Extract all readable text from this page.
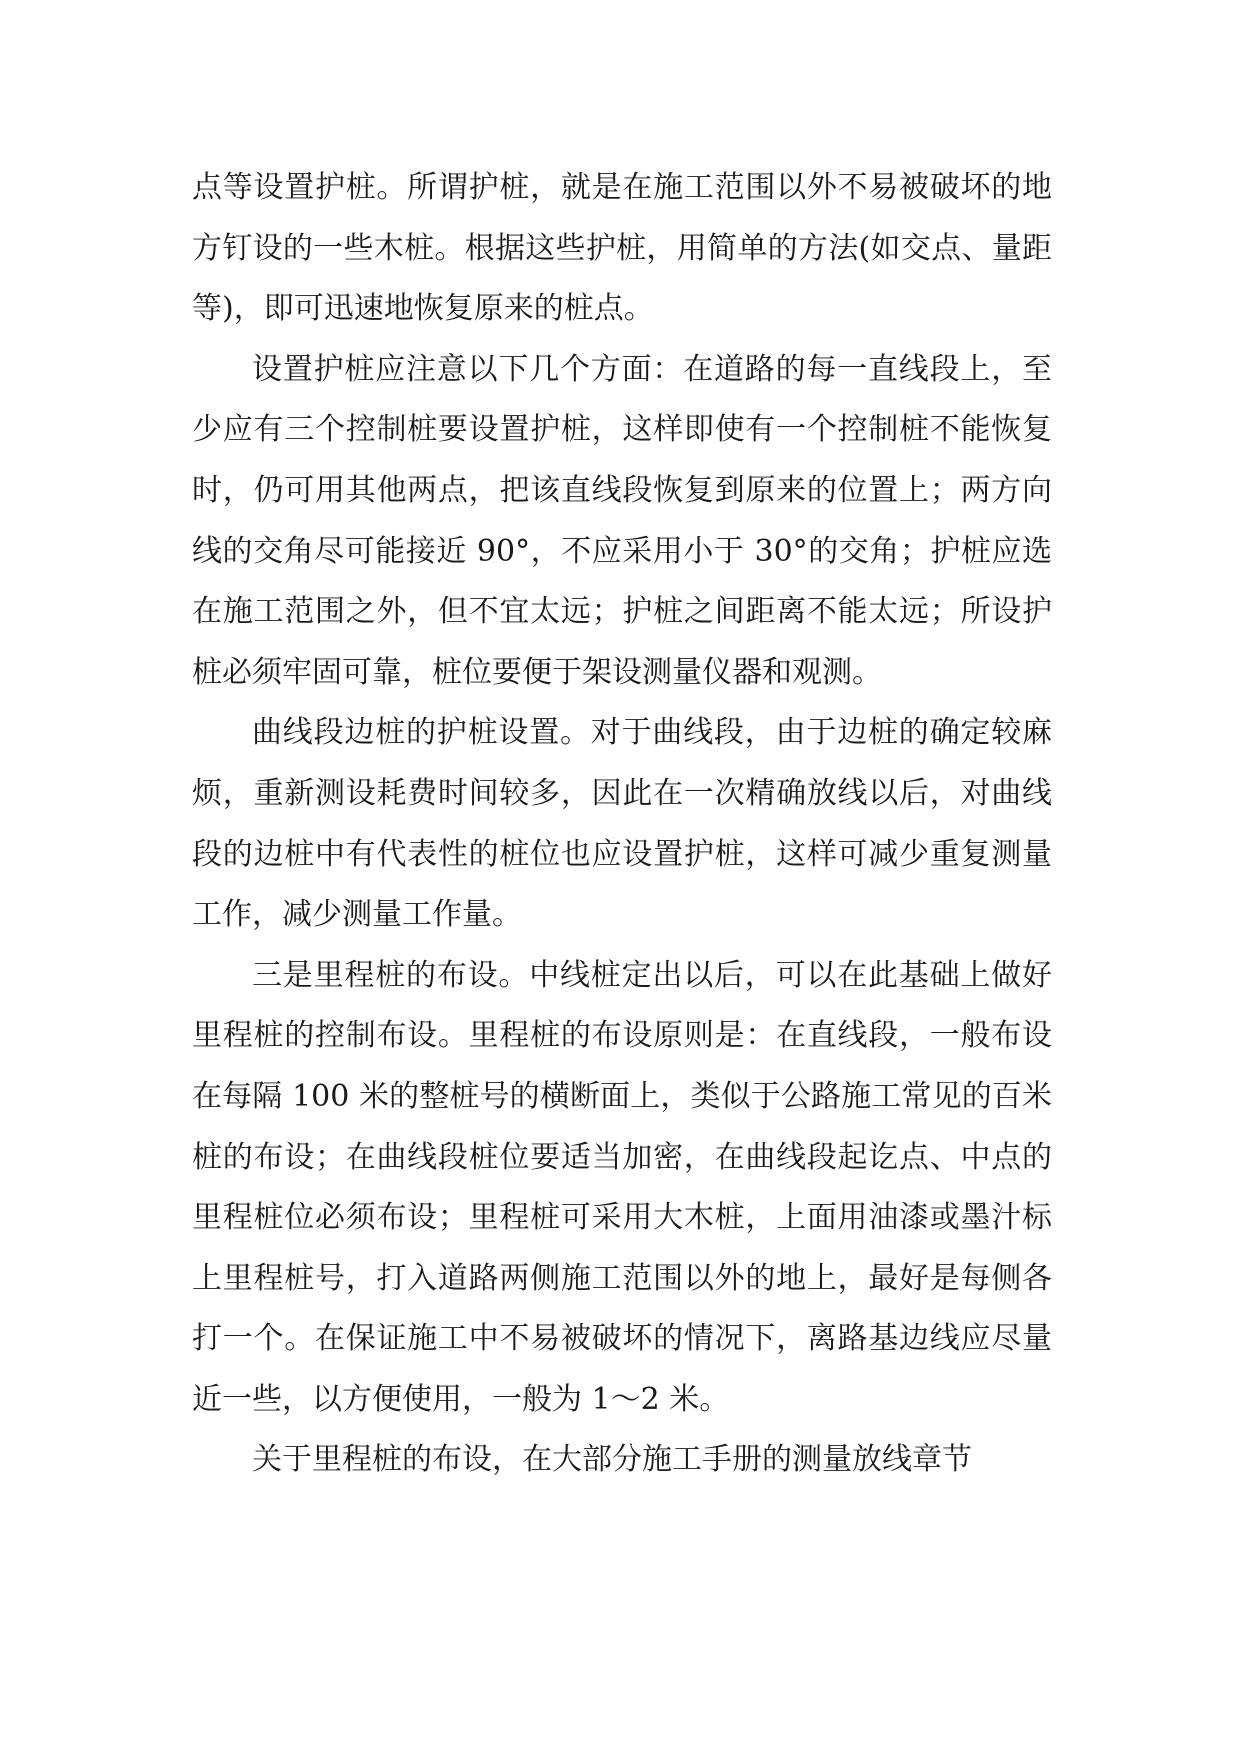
点等设置护桩。所谓护桩，就是在施工范围以外不易被破坏的地方钉设的一些木桩。根据这些护桩，用简单的方法(如交点、量距等)，即可迅速地恢复原来的桩点。

设置护桩应注意以下几个方面：在道路的每一直线段上，至少应有三个控制桩要设置护桩，这样即使有一个控制桩不能恢复时，仍可用其他两点，把该直线段恢复到原来的位置上；两方向线的交角尽可能接近 90°，不应采用小于 30°的交角；护桩应选在施工范围之外，但不宜太远；护桩之间距离不能太远；所设护桩必须牢固可靠，桩位要便于架设测量仪器和观测。

曲线段边桩的护桩设置。对于曲线段，由于边桩的确定较麻烦，重新测设耗费时间较多，因此在一次精确放线以后，对曲线段的边桩中有代表性的桩位也应设置护桩，这样可减少重复测量工作，减少测量工作量。

三是里程桩的布设。中线桩定出以后，可以在此基础上做好里程桩的控制布设。里程桩的布设原则是：在直线段，一般布设在每隔 100 米的整桩号的横断面上，类似于公路施工常见的百米桩的布设；在曲线段桩位要适当加密，在曲线段起讫点、中点的里程桩位必须布设；里程桩可采用大木桩，上面用油漆或墨汁标上里程桩号，打入道路两侧施工范围以外的地上，最好是每侧各打一个。在保证施工中不易被破坏的情况下，离路基边线应尽量近一些，以方便使用，一般为 1～2 米。

关于里程桩的布设，在大部分施工手册的测量放线章节
